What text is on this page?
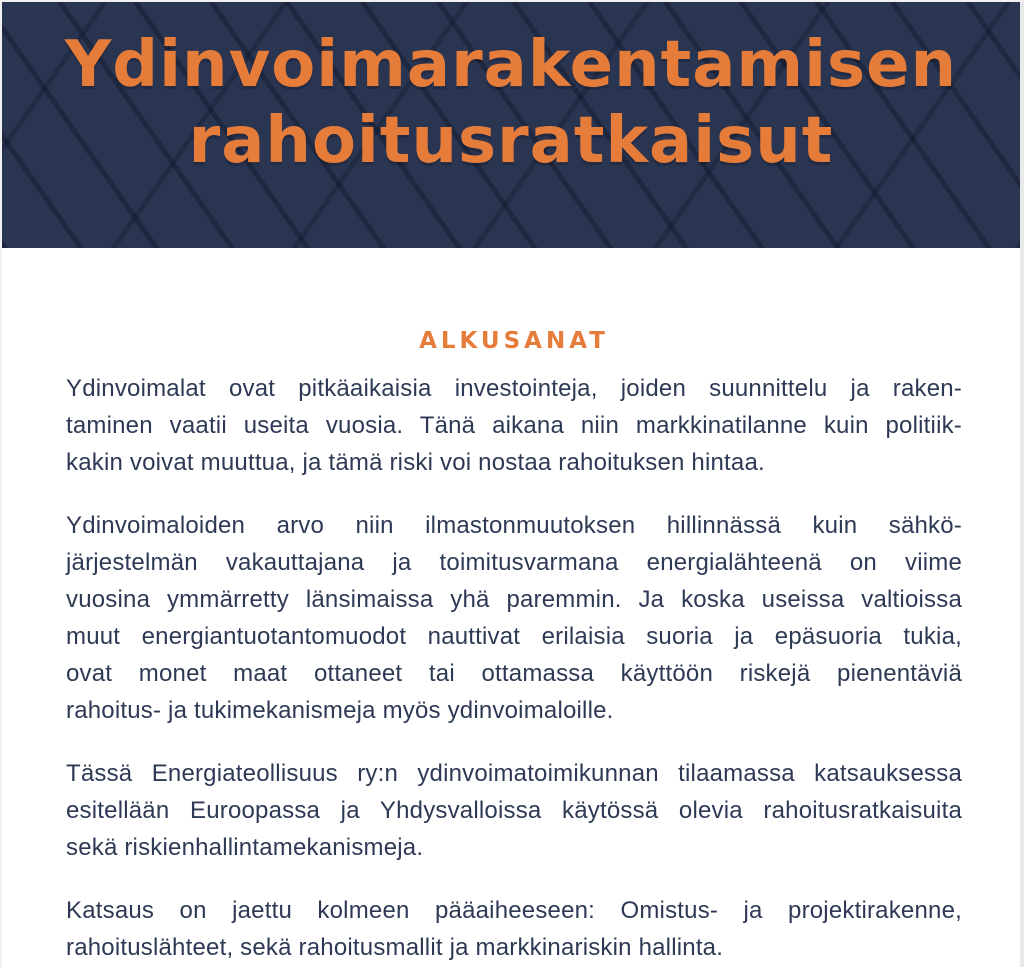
Ydinvoimarakentamisen
rahoitusratkaisut
ALKUSANAT

Ydinvoimalat ovat pitkäaikaisia investointeja, joiden suunnittelu ja raken-
taminen vaatii useita vuosia. Tänä aikana niin markkinatilanne kuin politiik-
kakin voivat muuttua, ja tämä riski voi nostaa rahoituksen hintaa.

Ydinvoimaloiden arvo niin ilmastonmuutoksen hillinnässä kuin sähkö-
järjestelmän vakauttajana ja toimitusvarmana energialähteenä on viime
vuosina ymmärretty länsimaissa yhä paremmin. Ja koska useissa valtioissa
muut energiantuotantomuodot nauttivat erilaisia suoria ja epäsuoria tukia,
ovat monet maat ottaneet tai ottamassa käyttöön riskejä pienentäviä
rahoitus- ja tukimekanismeja myös ydinvoimaloille.

Tässä Energiateollisuus ry:n ydinvoimatoimikunnan tilaamassa katsauksessa
esitellään Euroopassa ja Yhdysvalloissa käytössä olevia rahoitusratkaisuita
sekä riskienhallintamekanismeja.

Katsaus on jaettu kolmeen pääaiheeseen: Omistus- ja projektirakenne,
rahoituslähteet, sekä rahoitusmallit ja markkinariskin hallinta.
